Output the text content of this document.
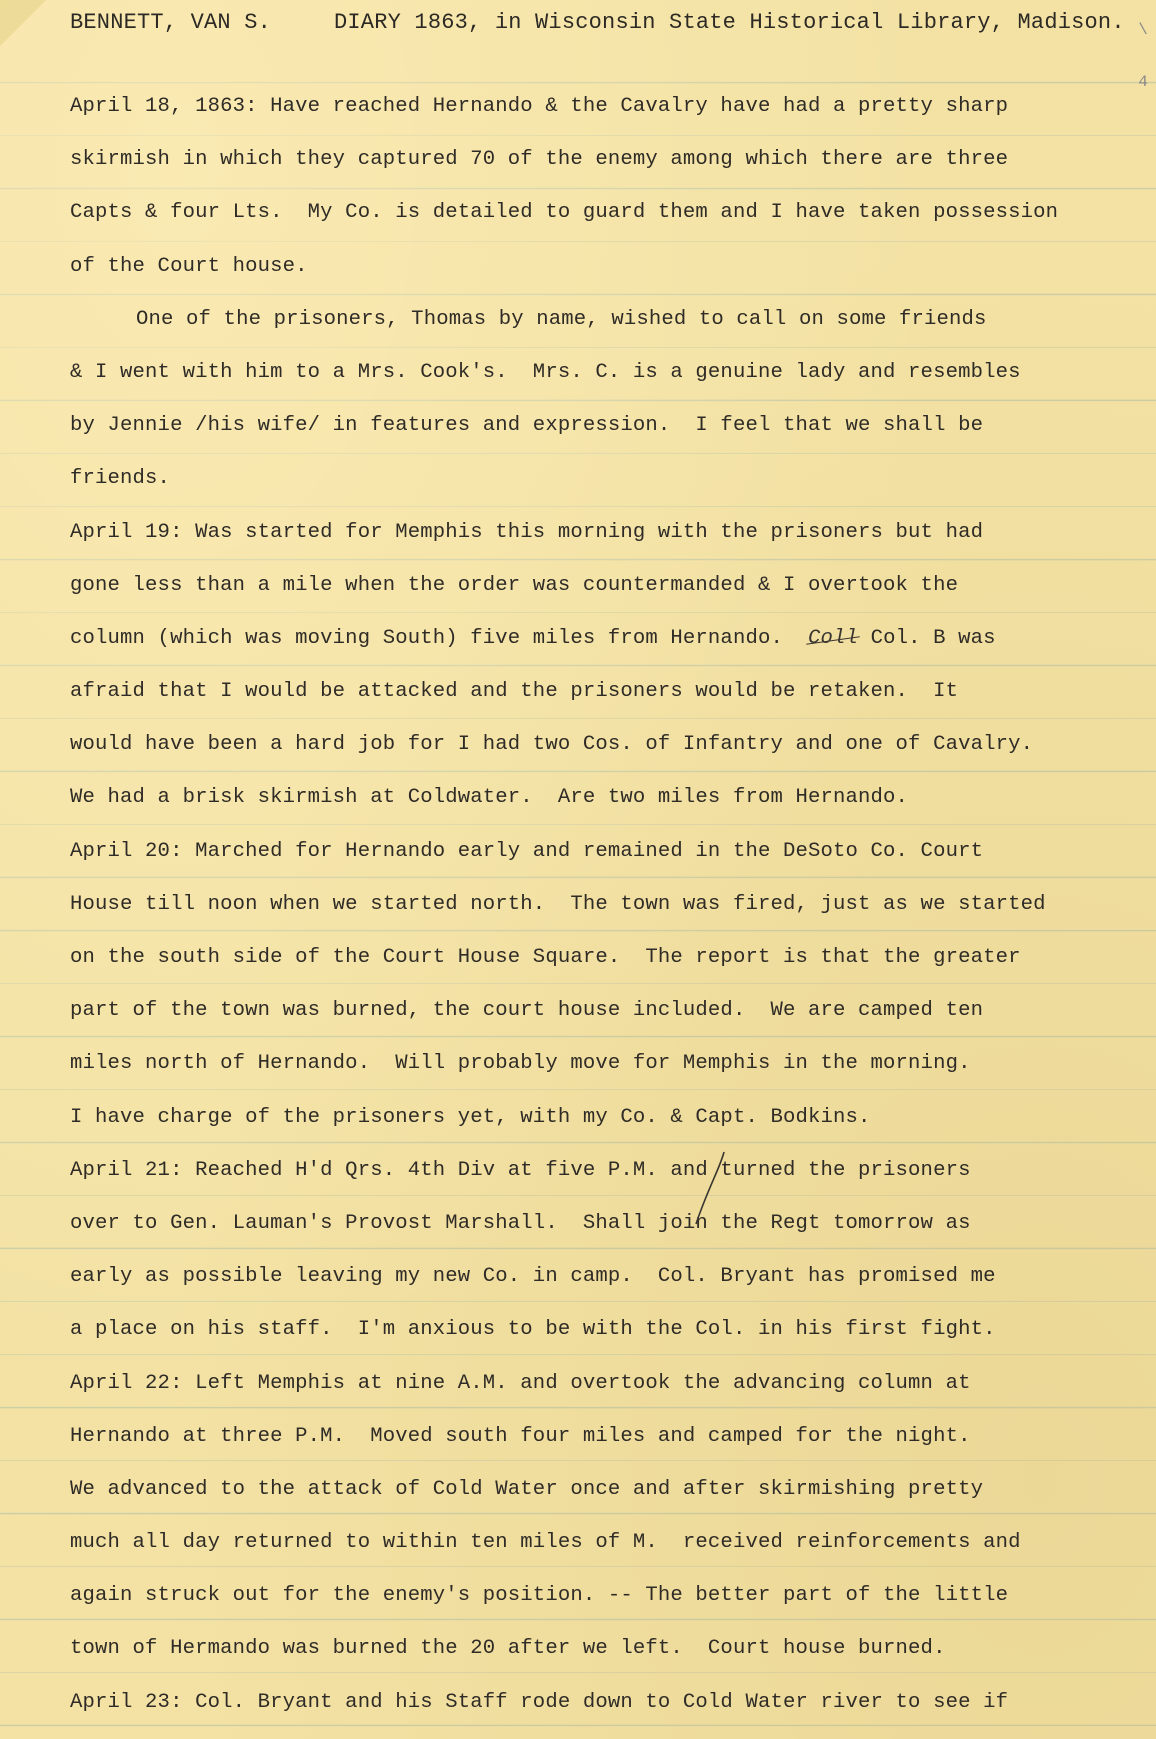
\
4
BENNETT, VAN S.	DIARY 1863, in Wisconsin State Historical Library, Madison.
April 18, 1863: Have reached Hernando & the Cavalry have had a pretty sharp
skirmish in which they captured 70 of the enemy among which there are three
Capts & four Lts.  My Co. is detailed to guard them and I have taken possession
of the Court house.
One of the prisoners, Thomas by name, wished to call on some friends
& I went with him to a Mrs. Cook's.  Mrs. C. is a genuine lady and resembles
by Jennie /his wife/ in features and expression.  I feel that we shall be
friends.
April 19: Was started for Memphis this morning with the prisoners but had
gone less than a mile when the order was countermanded & I overtook the
column (which was moving South) five miles from Hernando. Coll Col. B was
afraid that I would be attacked and the prisoners would be retaken.  It
would have been a hard job for I had two Cos. of Infantry and one of Cavalry.
We had a brisk skirmish at Coldwater.  Are two miles from Hernando.
April 20: Marched for Hernando early and remained in the DeSoto Co. Court
House till noon when we started north.  The town was fired, just as we started
on the south side of the Court House Square.  The report is that the greater
part of the town was burned, the court house included.  We are camped ten
miles north of Hernando.  Will probably move for Memphis in the morning.
I have charge of the prisoners yet, with my Co. & Capt. Bodkins.
April 21: Reached H'd Qrs. 4th Div at five P.M. and turned the prisoners
over to Gen. Lauman's Provost Marshall.  Shall join the Regt tomorrow as
early as possible leaving my new Co. in camp.  Col. Bryant has promised me
a place on his staff.  I'm anxious to be with the Col. in his first fight.
April 22: Left Memphis at nine A.M. and overtook the advancing column at
Hernando at three P.M.  Moved south four miles and camped for the night.
We advanced to the attack of Cold Water once and after skirmishing pretty
much all day returned to within ten miles of M.  received reinforcements and
again struck out for the enemy's position. -- The better part of the little
town of Hermando was burned the 20 after we left.  Court house burned.
April 23: Col. Bryant and his Staff rode down to Cold Water river to see if
